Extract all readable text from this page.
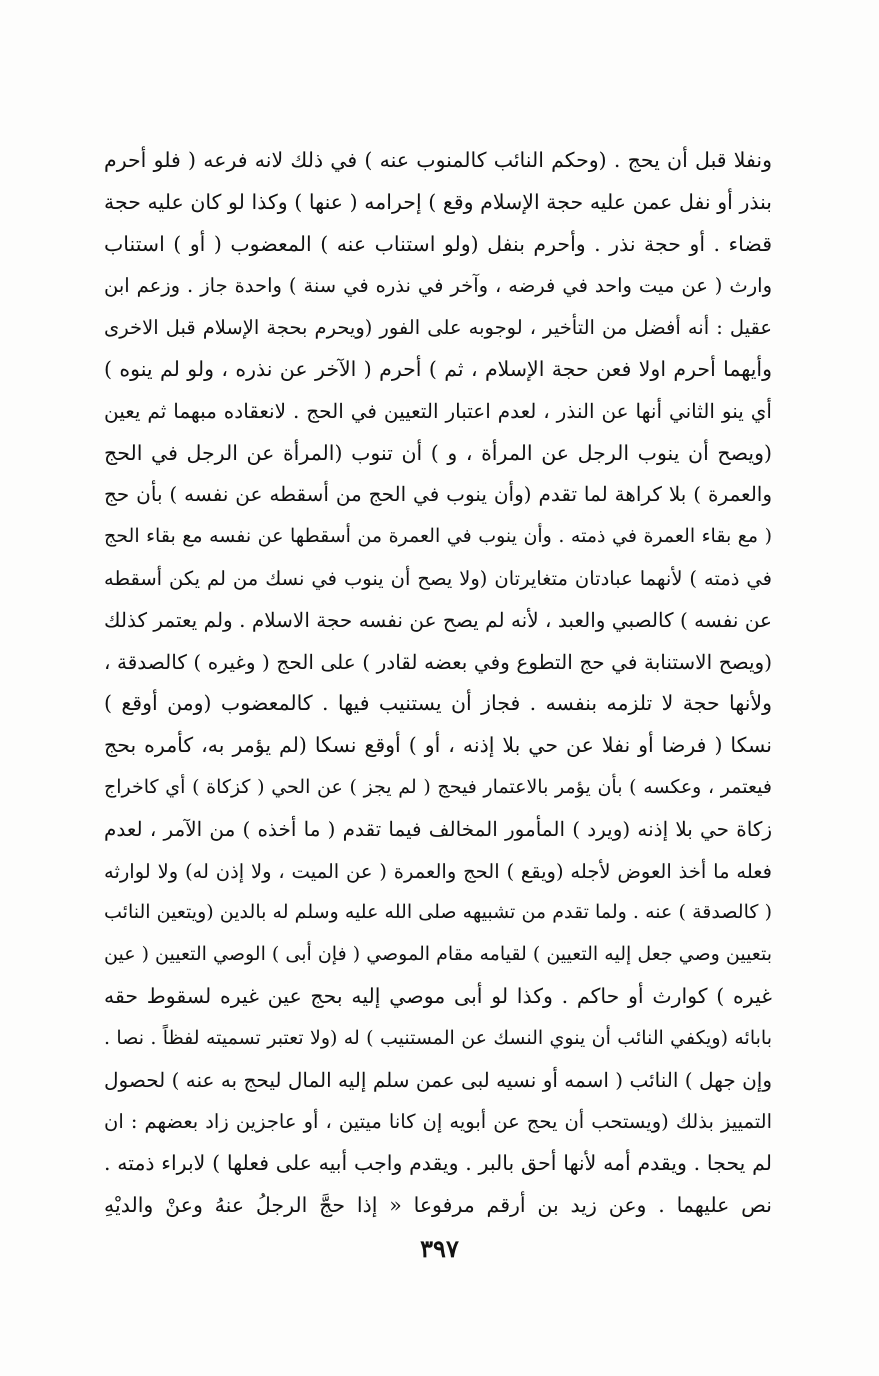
ونفلا قبل أن يحج . (وحكم النائب كالمنوب عنه ) في ذلك لانه فرعه ( فلو أحرم
بنذر أو نفل عمن عليه حجة الإسلام وقع ) إحرامه ( عنها ) وكذا لو كان عليه حجة
قضاء . أو حجة نذر . وأحرم بنفل (ولو استناب عنه ) المعضوب ( أو ) استناب
وارث ( عن ميت واحد في فرضه ، وآخر في نذره في سنة ) واحدة جاز . وزعم ابن
عقيل : أنه أفضل من التأخير ، لوجوبه على الفور (ويحرم بحجة الإسلام قبل الاخرى
وأيهما أحرم اولا فعن حجة الإسلام ، ثم ) أحرم ( الآخر عن نذره ، ولو لم ينوه )
أي ينو الثاني أنها عن النذر ، لعدم اعتبار التعيين في الحج . لانعقاده مبهما ثم يعين
(ويصح أن ينوب الرجل عن المرأة ، و ) أن تنوب (المرأة عن الرجل في الحج
والعمرة ) بلا كراهة لما تقدم (وأن ينوب في الحج من أسقطه عن نفسه ) بأن حج
( مع بقاء العمرة في ذمته . وأن ينوب في العمرة من أسقطها عن نفسه مع بقاء الحج
في ذمته ) لأنهما عبادتان متغايرتان (ولا يصح أن ينوب في نسك من لم يكن أسقطه
عن نفسه ) كالصبي والعبد ، لأنه لم يصح عن نفسه حجة الاسلام . ولم يعتمر كذلك
(ويصح الاستنابة في حج التطوع وفي بعضه لقادر ) على الحج ( وغيره ) كالصدقة ،
ولأنها حجة لا تلزمه بنفسه . فجاز أن يستنيب فيها . كالمعضوب (ومن أوقع )
نسكا ( فرضا أو نفلا عن حي بلا إذنه ، أو ) أوقع نسكا (لم يؤمر به، كأمره بحج
فيعتمر ، وعكسه ) بأن يؤمر بالاعتمار فيحج ( لم يجز ) عن الحي ( كزكاة ) أي كاخراج
زكاة حي بلا إذنه (ويرد ) المأمور المخالف فيما تقدم ( ما أخذه ) من الآمر ، لعدم
فعله ما أخذ العوض لأجله (ويقع ) الحج والعمرة ( عن الميت ، ولا إذن له) ولا لوارثه
( كالصدقة ) عنه . ولما تقدم من تشبيهه صلى الله عليه وسلم له بالدين (ويتعين النائب
بتعيين وصي جعل إليه التعيين ) لقيامه مقام الموصي ( فإن أبى ) الوصي التعيين ( عين
غيره ) كوارث أو حاكم . وكذا لو أبى موصي إليه بحج عين غيره لسقوط حقه
بابائه (ويكفي النائب أن ينوي النسك عن المستنيب ) له (ولا تعتبر تسميته لفظاً . نصا .
وإن جهل ) النائب ( اسمه أو نسيه لبى عمن سلم إليه المال ليحج به عنه ) لحصول
التمييز بذلك (ويستحب أن يحج عن أبويه إن كانا ميتين ، أو عاجزين زاد بعضهم : ان
لم يحجا . ويقدم أمه لأنها أحق بالبر . ويقدم واجب أبيه على فعلها ) لابراء ذمته .
نص عليهما . وعن زيد بن أرقم مرفوعا « إذا حجَّ الرجلُ عنهُ وعنْ والديْهِ
٣٩٧
